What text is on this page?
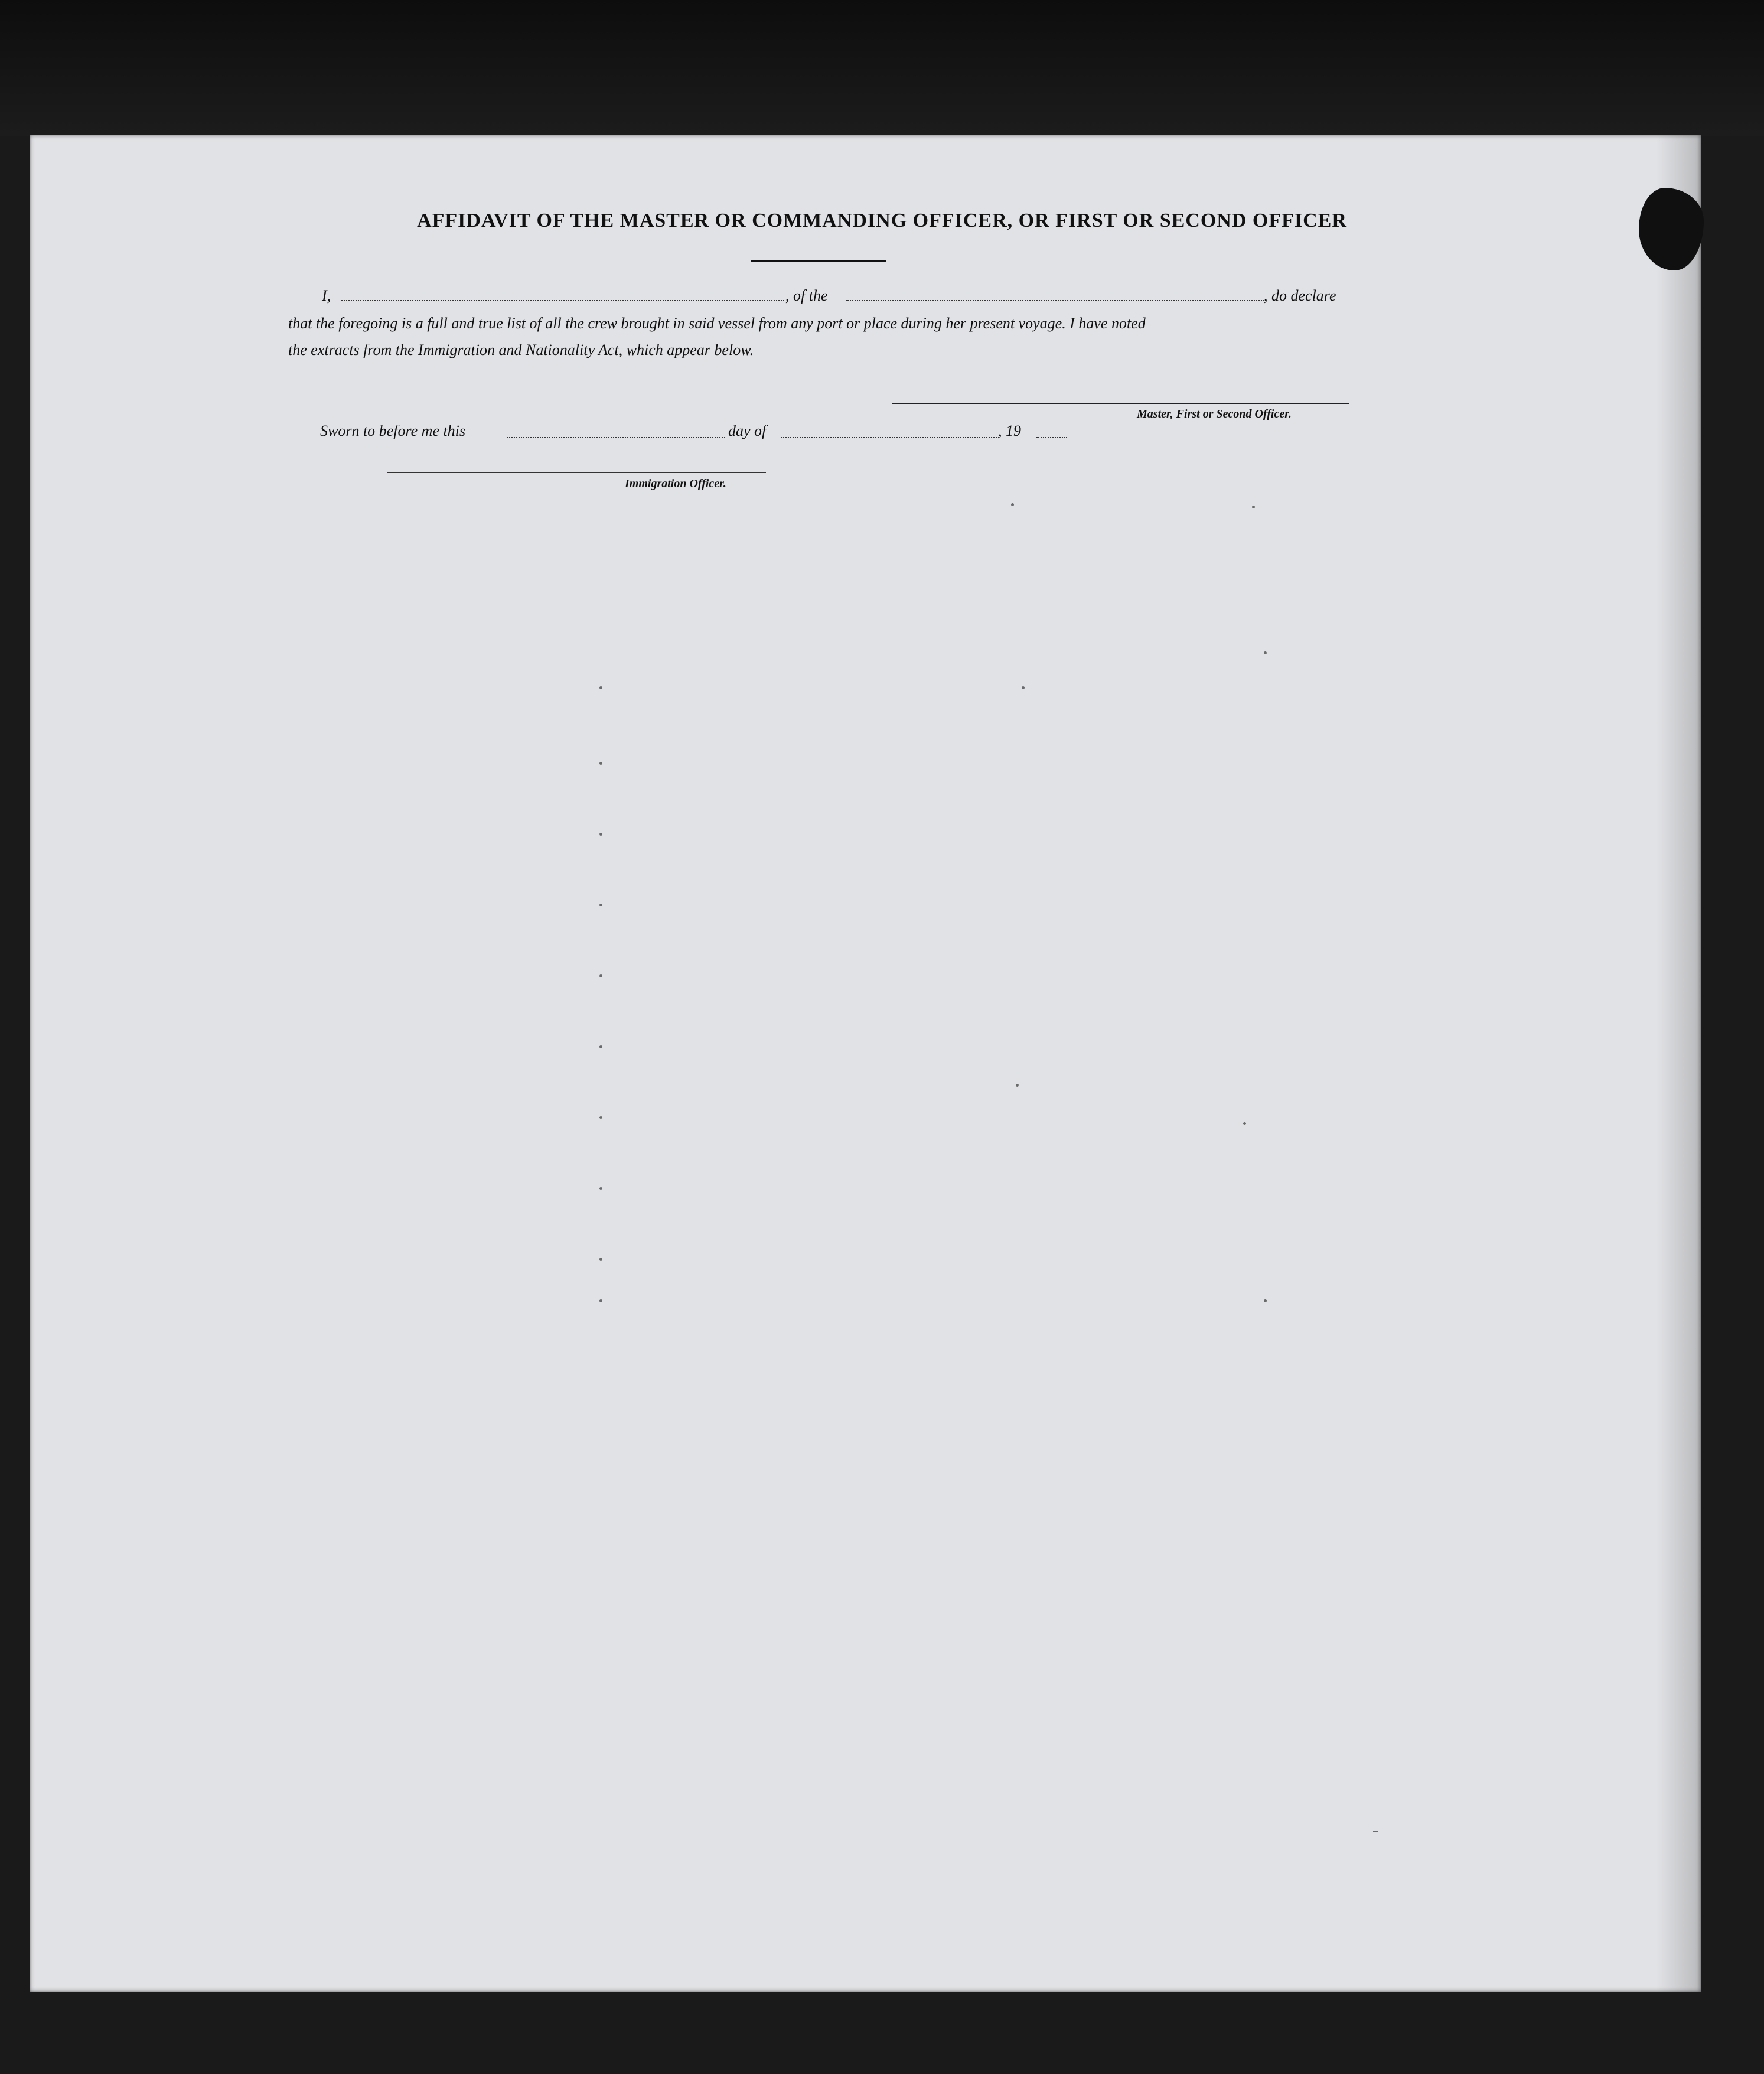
AFFIDAVIT OF THE MASTER OR COMMANDING OFFICER, OR FIRST OR SECOND OFFICER
I,	, of the	, do declare
that the foregoing is a full and true list of all the crew brought in said vessel from any port or place during her present voyage. I have noted
the extracts from the Immigration and Nationality Act, which appear below.
Master, First or Second Officer.
Sworn to before me this	day of	, 19
Immigration Officer.
